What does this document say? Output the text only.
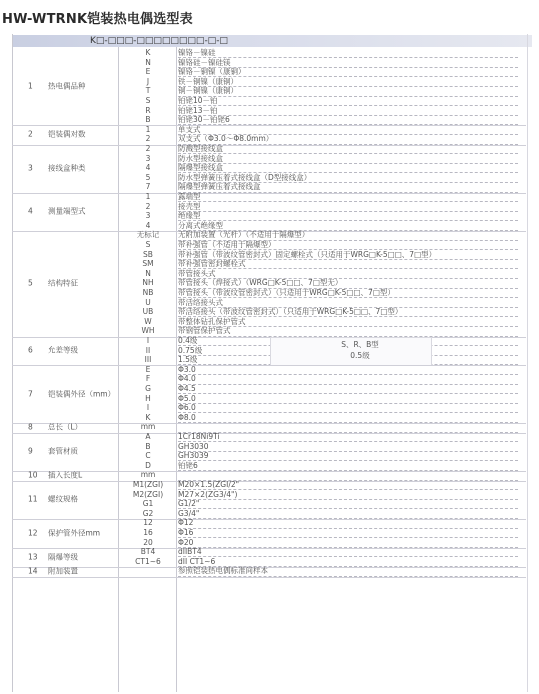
HW-WTRNK铠装热电偶选型表
K□-□□□-□□□□□□□□-□-□
1 热电偶品种
K	镍铬－镍硅
N	镍铬硅－镍硅镁
E	镍铬－铜镍（康铜）
J	铁－铜镍（康铜）
T	铜－铜镍（康铜）
S	铂铑10－铂
R	铂铑13－铂
B	铂铑30－铂铑6
2 铠装偶对数
1	单支式
2	双支式（Φ3.0～Φ8.0mm）
3 接线盒种类
2	防溅型接线盒
3	防水型接线盒
4	隔爆型接线盒
5	防水型弹簧压着式接线盒（D型接线盒）
7	隔爆型弹簧压着式接线盒
4 测量端型式
1	露端型
2	接壳型
3	绝缘型
4	分离式绝缘型
5 结构特征
无标记	无附加装置（光杆）（不适用于隔爆型）
S	带补强管（不适用于隔爆型）
SB	带补强管（带波纹管密封式）固定螺栓式（只适用于WRG□K-5□□、7□型）
SM	带补强管密封螺栓式
N	带管接头式
NH	带管接头（焊接式）（WRG□K-5□□、7□型无）
NB	带管接头（带波纹管密封式）（只适用于WRG□K-5□□、7□型）
U	带活络接头式
UB	带活络接头（带波纹管密封式）（只适用于WRG□K-5□□、7□型）
W	带整体钻孔保护管式
WH	带钢管保护管式
6 允差等级
I	0.4级
II	0.75级
III	1.5级
S、R、B型
0.5级
7 铠装偶外径（mm）
E	Φ3.0
F	Φ4.0
G	Φ4.5
H	Φ5.0
I	Φ6.0
K	Φ8.0
8 总长（L）	mm
9 套管材质
A	1Cr18Ni9Ti
B	GH3030
C	GH3039
D	铂铑6
10 插入长度L	mm
11 螺纹规格
M1(ZGI)	M20×1.5(ZGI/2"
M2(ZGI)	M27×2(ZG3/4")
G1	G1/2"
G2	G3/4"
12 保护管外径mm
12	Φ12
16	Φ16
20	Φ20
13 隔爆等级
BT4	dIIBT4
CT1~6	dII CT1~6
14 附加装置	参照铠装热电偶标准间样本
